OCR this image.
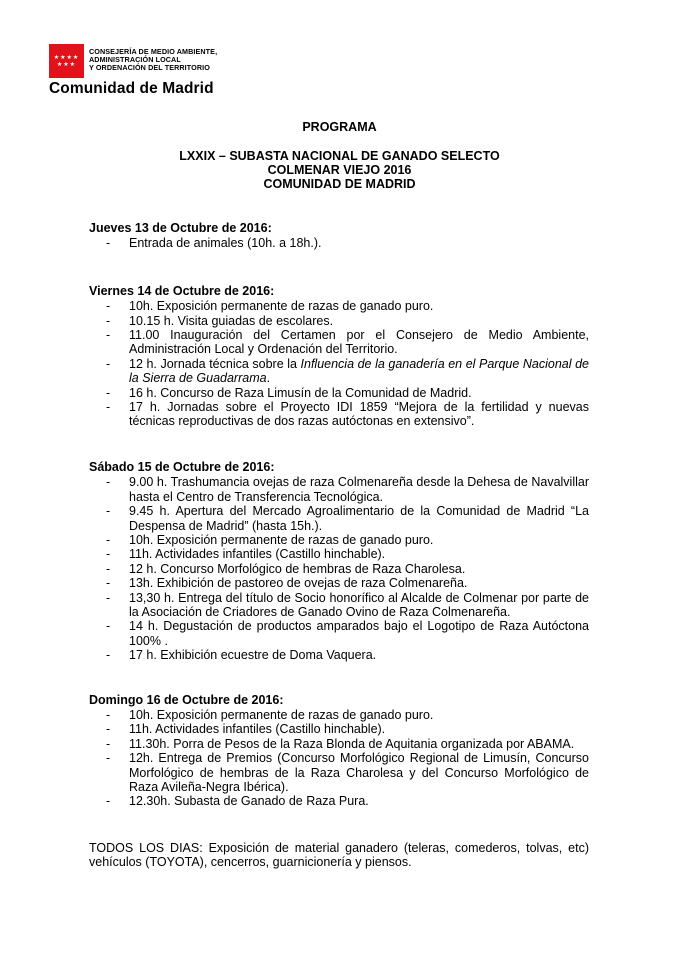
★★★★
★★★
CONSEJERÍA DE MEDIO AMBIENTE,
ADMINISTRACIÓN LOCAL
Y ORDENACIÓN DEL TERRITORIO
Comunidad de Madrid
PROGRAMA
LXXIX – SUBASTA NACIONAL DE GANADO SELECTO
COLMENAR VIEJO 2016
COMUNIDAD DE MADRID
Jueves 13 de Octubre de 2016:
- Entrada de animales (10h. a 18h.).
Viernes 14 de Octubre de 2016:
- 10h. Exposición permanente de razas de ganado puro.
- 10.15 h. Visita guiadas de escolares.
- 11.00 Inauguración del Certamen por el Consejero de Medio Ambiente, Administración Local y Ordenación del Territorio.
- 12 h. Jornada técnica sobre la Influencia de la ganadería en el Parque Nacional de la Sierra de Guadarrama.
- 16 h. Concurso de Raza Limusín de la Comunidad de Madrid.
- 17 h. Jornadas sobre el Proyecto IDI 1859 “Mejora de la fertilidad y nuevas técnicas reproductivas de dos razas autóctonas en extensivo”.
Sábado 15 de Octubre de 2016:
- 9.00 h. Trashumancia ovejas de raza Colmenareña desde la Dehesa de Navalvillar hasta el Centro de Transferencia Tecnológica.
- 9.45 h. Apertura del Mercado Agroalimentario de la Comunidad de Madrid “La Despensa de Madrid” (hasta 15h.).
- 10h. Exposición permanente de razas de ganado puro.
- 11h. Actividades infantiles (Castillo hinchable).
- 12 h. Concurso Morfológico de hembras de Raza Charolesa.
- 13h. Exhibición de pastoreo de ovejas de raza Colmenareña.
- 13,30 h. Entrega del título de Socio honorífico al Alcalde de Colmenar por parte de la Asociación de Criadores de Ganado Ovino de Raza Colmenareña.
- 14 h. Degustación de productos amparados bajo el Logotipo de Raza Autóctona 100% .
- 17 h. Exhibición ecuestre de Doma Vaquera.
Domingo 16 de Octubre de 2016:
- 10h. Exposición permanente de razas de ganado puro.
- 11h. Actividades infantiles (Castillo hinchable).
- 11.30h. Porra de Pesos de la Raza Blonda de Aquitania organizada por ABAMA.
- 12h. Entrega de Premios (Concurso Morfológico Regional de Limusín, Concurso Morfológico de hembras de la Raza Charolesa y del Concurso Morfológico de Raza Avileña-Negra Ibérica).
- 12.30h. Subasta de Ganado de Raza Pura.
TODOS LOS DIAS: Exposición de material ganadero (teleras, comederos, tolvas, etc) vehículos (TOYOTA), cencerros, guarnicionería y piensos.
